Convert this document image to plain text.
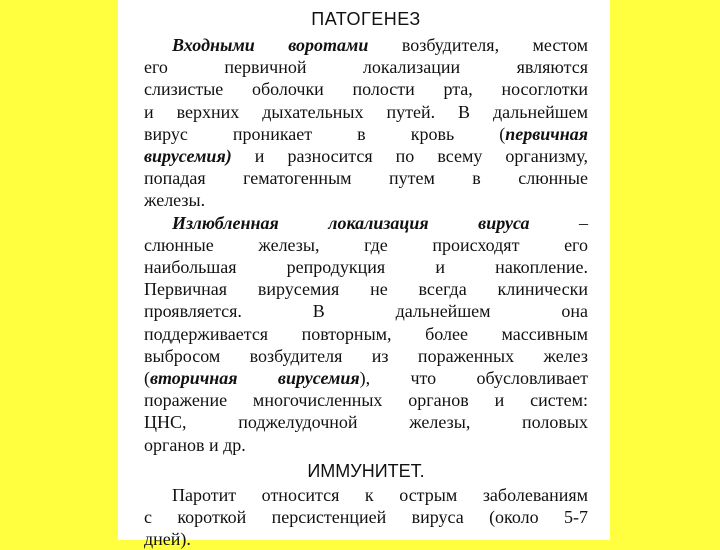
ПАТОГЕНЕЗ
Входными воротами возбудителя, местом
его первичной локализации являются
слизистые оболочки полости рта, носоглотки
и верхних дыхательных путей. В дальнейшем
вирус проникает в кровь (первичная
вирусемия) и разносится по всему организму,
попадая гематогенным путем в слюнные
железы.
Излюбленная локализация вируса –
слюнные железы, где происходят его
наибольшая репродукция и накопление.
Первичная вирусемия не всегда клинически
проявляется. В дальнейшем она
поддерживается повторным, более массивным
выбросом возбудителя из пораженных желез
(вторичная вирусемия), что обусловливает
поражение многочисленных органов и систем:
ЦНС, поджелудочной железы, половых
органов и др.
ИММУНИТЕТ.
Паротит относится к острым заболеваниям
с короткой персистенцией вируса (около 5-7
дней).
